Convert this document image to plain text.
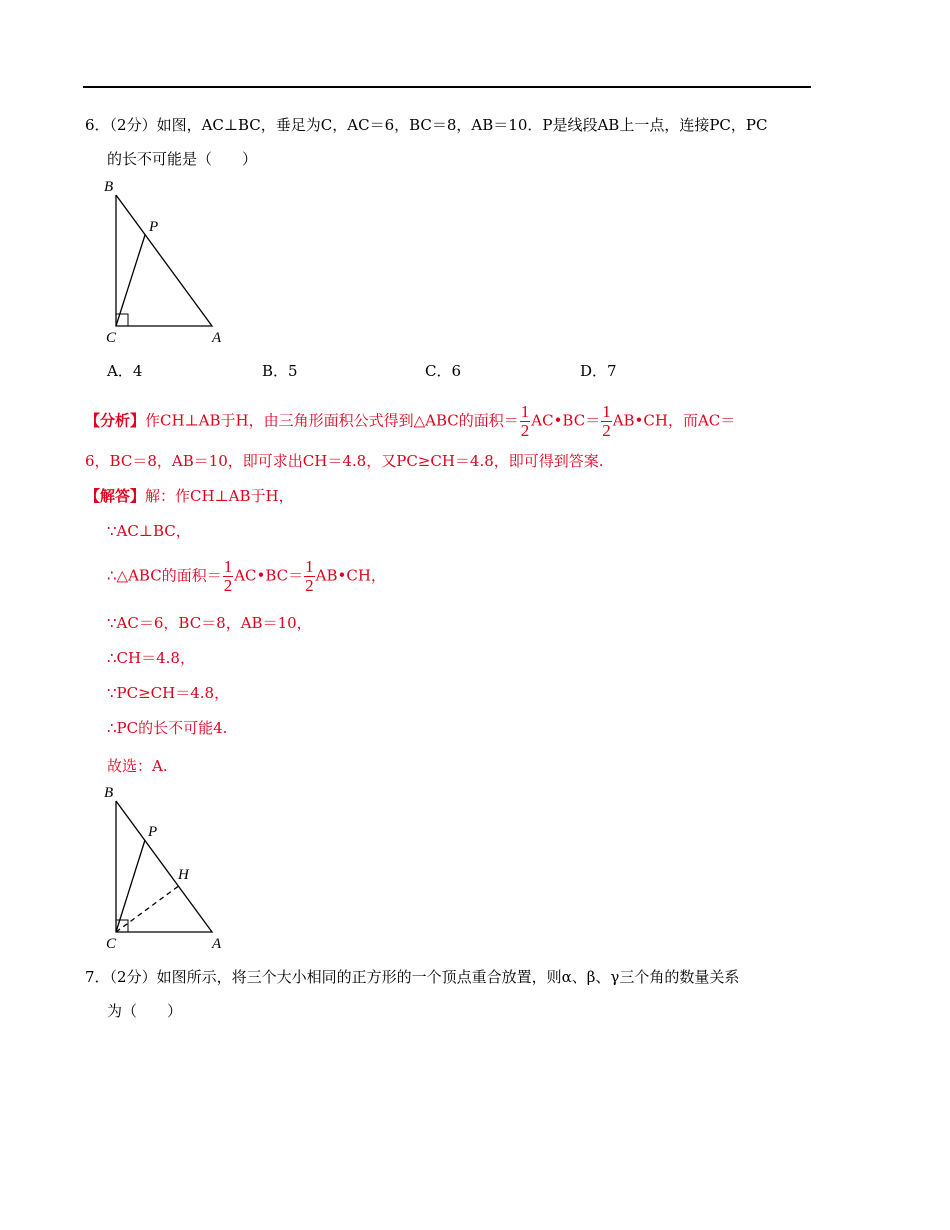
6．（2分）如图，AC⊥BC，垂足为C，AC＝6，BC＝8，AB＝10．P是线段AB上一点，连接PC，PC
的长不可能是（　　）
B
P
C	A
A．4	B．5	C．6	D．7
【分析】作CH⊥AB于H，由三角形面积公式得到△ABC的面积＝ $\frac{1}{2}$ AC•BC＝ $\frac{1}{2}$ AB•CH，而AC＝
6，BC＝8，AB＝10，即可求出CH＝4.8，又PC≥CH＝4.8，即可得到答案.
【解答】解：作CH⊥AB于H，
∵AC⊥BC，
∴△ABC的面积＝ $\frac{1}{2}$ AC•BC＝ $\frac{1}{2}$ AB•CH，
∵AC＝6，BC＝8，AB＝10，
∴CH＝4.8，
∵PC≥CH＝4.8，
∴PC的长不可能4.
故选：A.
B
P
H
C	A
7．（2分）如图所示，将三个大小相同的正方形的一个顶点重合放置，则α、β、γ三个角的数量关系
为（　　）
